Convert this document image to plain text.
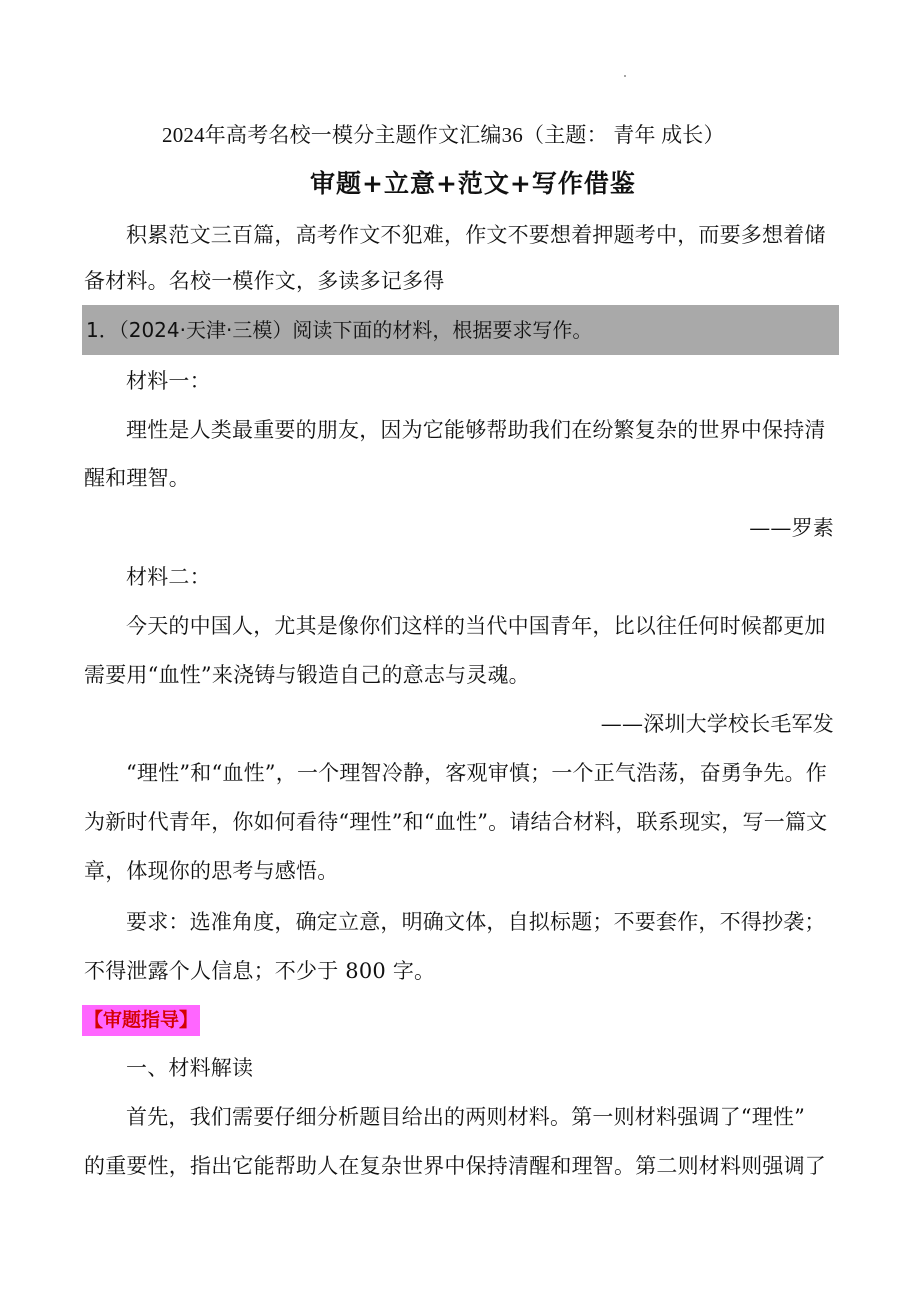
2024年高考名校一模分主题作文汇编36（主题： 青年 成长）
审题+立意+范文+写作借鉴
积累范文三百篇，高考作文不犯难，作文不要想着押题考中，而要多想着储
备材料。名校一模作文，多读多记多得
1．（2024·天津·三模）阅读下面的材料，根据要求写作。
材料一：
理性是人类最重要的朋友，因为它能够帮助我们在纷繁复杂的世界中保持清
醒和理智。
——罗素
材料二：
今天的中国人，尤其是像你们这样的当代中国青年，比以往任何时候都更加
需要用“血性”来浇铸与锻造自己的意志与灵魂。
——深圳大学校长毛军发
“理性”和“血性”，一个理智冷静，客观审慎；一个正气浩荡，奋勇争先。作
为新时代青年，你如何看待“理性”和“血性”。请结合材料，联系现实，写一篇文
章，体现你的思考与感悟。
要求：选准角度，确定立意，明确文体，自拟标题；不要套作，不得抄袭；
不得泄露个人信息；不少于 800 字。
【审题指导】
一、材料解读
首先，我们需要仔细分析题目给出的两则材料。第一则材料强调了“理性”
的重要性，指出它能帮助人在复杂世界中保持清醒和理智。第二则材料则强调了
